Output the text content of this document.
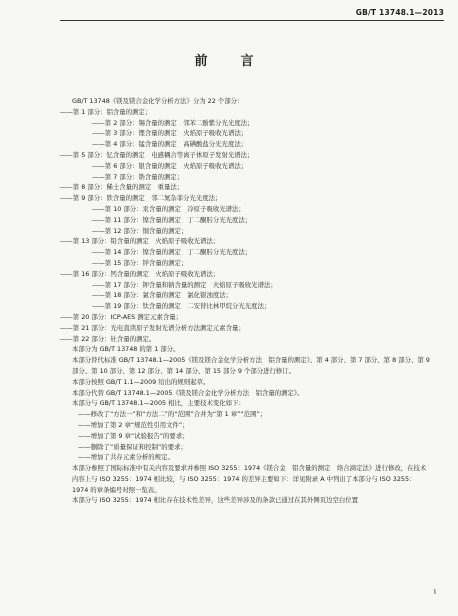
GB/T 13748.1—2013
前　言
GB/T 13748《镁及镁合金化学分析方法》分为 22 个部分：
——第 1 部分：铝含量的测定；
——第 2 部分：锡含量的测定　邻苯二酚紫分光光度法；
——第 3 部分：锂含量的测定　火焰原子吸收光谱法；
——第 4 部分：锰含量的测定　高碘酸盐分光光度法；
——第 5 部分：钇含量的测定　电感耦合等离子体原子发射光谱法；
——第 6 部分：银含量的测定　火焰原子吸收光谱法；
——第 7 部分：锆含量的测定；
——第 8 部分：稀土含量的测定　重量法；
——第 9 部分：铁含量的测定　邻二氮杂菲分光光度法；
——第 10 部分：汞含量的测定　冷原子吸收光谱法；
——第 11 部分：镍含量的测定　丁二酮肟分光光度法；
——第 12 部分：铜含量的测定；
——第 13 部分：铅含量的测定　火焰原子吸收光谱法；
——第 14 部分：镍含量的测定　丁二酮肟分光光度法；
——第 15 部分：锌含量的测定；
——第 16 部分：钙含量的测定　火焰原子吸收光谱法；
——第 17 部分：钾含量和钠含量的测定　火焰原子吸收光谱法；
——第 18 部分：氯含量的测定　氯化银浊度法；
——第 19 部分：钛含量的测定　二安替比林甲烷分光光度法；
——第 20 部分：ICP-AES 测定元素含量；
——第 21 部分：光电直读原子发射光谱分析方法测定元素含量；
——第 22 部分：钍含量的测定。
本部分为 GB/T 13748 的第 1 部分。
本部分替代标准 GB/T 13748.1—2005《镁及镁合金化学分析方法　铝含量的测定》、第 4 部分、第 7 部分、第 8 部分、第 9 部分、第 10 部分、第 12 部分、第 14 部分、第 15 部分 9 个部分进行修订。
本部分按照 GB/T 1.1—2009 给出的规则起草。
本部分代替 GB/T 13748.1—2005《镁及镁合金化学分析方法　铝含量的测定》。
本部分与 GB/T 13748.1—2005 相比，主要技术变化如下：
——修改了“方法一”和“方法二”的“范围”合并为“第 1 章”“范围”；
——增加了第 2 章“规范性引用文件”；
——增加了第 9 章“试验报告”的要求；
——删除了“质量保证和控制”的要求；
——增加了共存元素分析的规定。
本部分参照了国际标准中有关内容及要求并参照 ISO 3255：1974《镁合金　铝含量的测定　络合滴定法》进行修改，在技术内容上与 ISO 3255：1974 相比较，与 ISO 3255：1974 的差异主要如下：详见附录 A 中列出了本部分与 ISO 3255：1974 的章条编号对照一览表。
本部分与 ISO 3255：1974 相比存在技术性差异，这些差异涉及的条款已通过在其外侧页边空白位置
I
